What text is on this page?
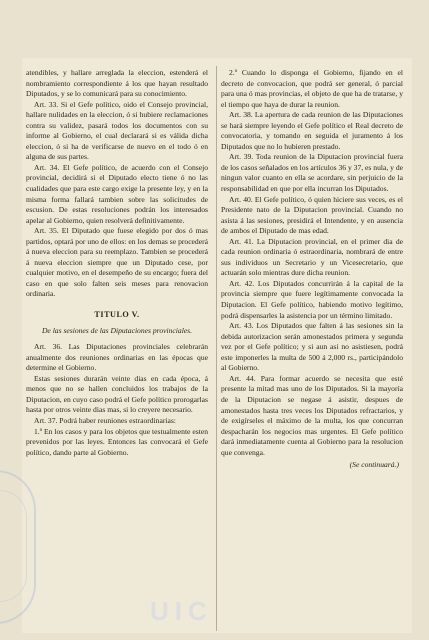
atendibles, y hallare arreglada la eleccion, estenderá el nombramiento correspondiente á los que hayan resultado Diputados, y se lo comunicará para su conocimiento.

Art. 33. Si el Gefe político, oido el Consejo provincial, hallare nulidades en la eleccion, ó si hubiere reclamaciones contra su validez, pasará todos los documentos con su informe al Gobierno, el cual declarará si es válida dicha eleccion, ó si ha de verificarse de nuevo en el todo ó en alguna de sus partes.

Art. 34. El Gefe político, de acuerdo con el Consejo provincial, decidirá si el Diputado electo tiene ó no las cualidades que para este cargo exige la presente ley, y en la misma forma fallará tambien sobre las solicitudes de escusion. De estas resoluciones podrán los interesados apelar al Gobierno, quien resolverá definitivamente.

Art. 35. El Diputado que fuese elegido por dos ó mas partidos, optará por uno de ellos: en los demas se procederá á nueva eleccion para su reemplazo. Tambien se procederá á nueva eleccion siempre que un Diputado cese, por cualquier motivo, en el desempeño de su encargo; fuera del caso en que solo falten seis meses para renovacion ordinaria.

TITULO V.

De las sesiones de las Diputaciones provinciales.

Art. 36. Las Diputaciones provinciales celebrarán anualmente dos reuniones ordinarias en las épocas que determine el Gobierno.

Estas sesiones durarán veinte dias en cada época, á menos que no se hallen concluidos los trabajos de la Diputacion, en cuyo caso podrá el Gefe político prorogarlas hasta por otros veinte dias mas, si lo creyere necesario.

Art. 37. Podrá haber reuniones estraordinarias:

1.º En los casos y para los objetos que testualmente esten prevenidos por las leyes. Entonces las convocará el Gefe político, dando parte al Gobierno.

2.º Cuando lo disponga el Gobierno, fijando en el decreto de convocacion, que podrá ser general, ó parcial para una ó mas provincias, el objeto de que ha de tratarse, y el tiempo que haya de durar la reunion.

Art. 38. La apertura de cada reunion de las Diputaciones se hará siempre leyendo el Gefe político el Real decreto de convocatoria, y tomando en seguida el juramento á los Diputados que no lo hubieren prestado.

Art. 39. Toda reunion de la Diputacion provincial fuera de los casos señalados en los artículos 36 y 37, es nula, y de ningun valor cuanto en ella se acordare, sin perjuicio de la responsabilidad en que por ella incurran los Diputados.

Art. 40. El Gefe político, ó quien hiciere sus veces, es el Presidente nato de la Diputacion provincial. Cuando no asista á las sesiones, presidirá el Intendente, y en ausencia de ambos el Diputado de mas edad.

Art. 41. La Diputacion provincial, en el primer dia de cada reunion ordinaria ó estraordinaria, nombrará de entre sus individuos un Secretario y un Vicesecretario, que actuarán solo mientras dure dicha reunion.

Art. 42. Los Diputados concurrirán á la capital de la provincia siempre que fuere legítimamente convocada la Diputacion. El Gefe político, habiendo motivo legítimo, podrá dispensarles la asistencia por un término limitado.

Art. 43. Los Diputados que falten á las sesiones sin la debida autorizacion serán amonestados primera y segunda vez por el Gefe político; y si aun asi no asistiesen, podrá este imponerles la multa de 500 á 2,000 rs., participándolo al Gobierno.

Art. 44. Para formar acuerdo se necesita que esté presente la mitad mas uno de los Diputados. Si la mayoría de la Diputacion se negase á asistir, despues de amonestados hasta tres veces los Diputados refractarios, y de exigírseles el máximo de la multa, los que concurran despacharán los negocios mas urgentes. El Gefe político dará inmediatamente cuenta al Gobierno para la resolucion que convenga.

(Se continuará.)

UIC
